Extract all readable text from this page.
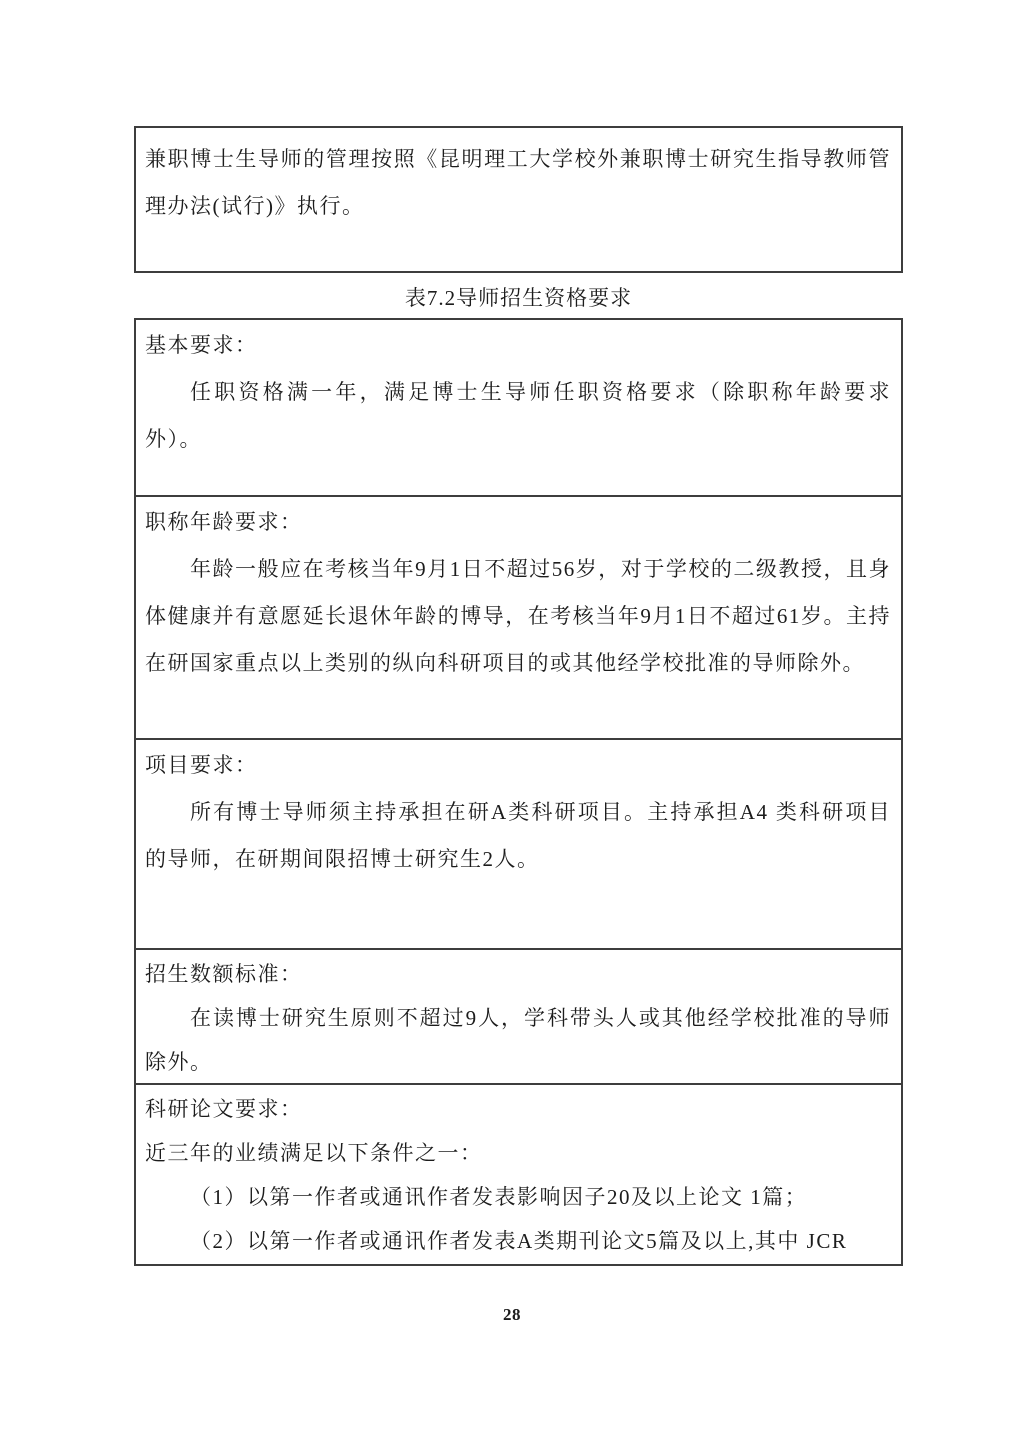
兼职博士生导师的管理按照《昆明理工大学校外兼职博士研究生指导教师管理办法(试行)》执行。

表7.2导师招生资格要求

基本要求：

任职资格满一年，满足博士生导师任职资格要求（除职称年龄要求外）。

职称年龄要求：

年龄一般应在考核当年9月1日不超过56岁，对于学校的二级教授，且身体健康并有意愿延长退休年龄的博导，在考核当年9月1日不超过61岁。主持在研国家重点以上类别的纵向科研项目的或其他经学校批准的导师除外。

项目要求：

所有博士导师须主持承担在研A类科研项目。主持承担A4 类科研项目的导师，在研期间限招博士研究生2人。

招生数额标准：

在读博士研究生原则不超过9人，学科带头人或其他经学校批准的导师除外。

科研论文要求：

近三年的业绩满足以下条件之一：

（1）以第一作者或通讯作者发表影响因子20及以上论文 1篇；

（2）以第一作者或通讯作者发表A类期刊论文5篇及以上,其中 JCR

28
